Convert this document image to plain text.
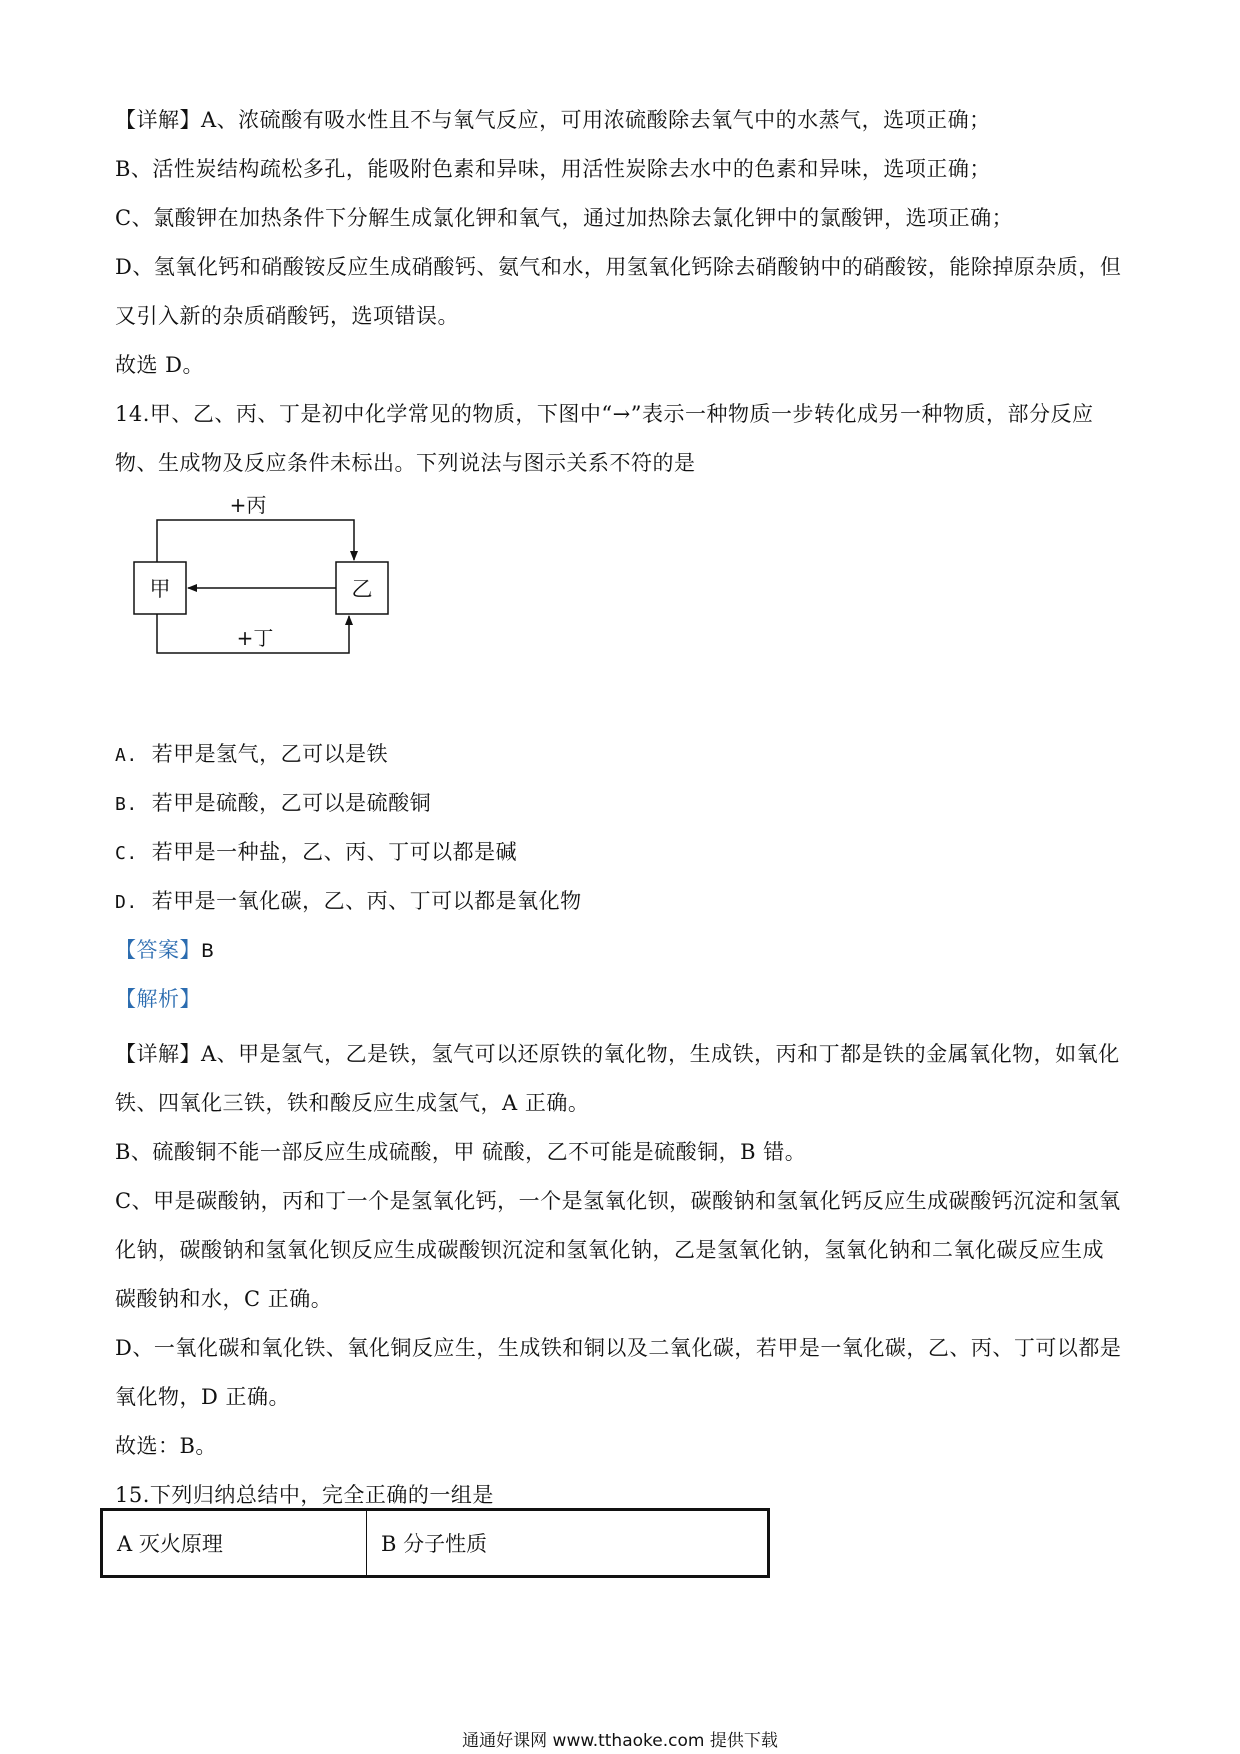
【详解】A、浓硫酸有吸水性且不与氧气反应，可用浓硫酸除去氧气中的水蒸气，选项正确；
B、活性炭结构疏松多孔，能吸附色素和异味，用活性炭除去水中的色素和异味，选项正确；
C、氯酸钾在加热条件下分解生成氯化钾和氧气，通过加热除去氯化钾中的氯酸钾，选项正确；
D、氢氧化钙和硝酸铵反应生成硝酸钙、氨气和水，用氢氧化钙除去硝酸钠中的硝酸铵，能除掉原杂质，但
又引入新的杂质硝酸钙，选项错误。
故选 D。
14.甲、乙、丙、丁是初中化学常见的物质，下图中“→”表示一种物质一步转化成另一种物质，部分反应
物、生成物及反应条件未标出。下列说法与图示关系不符的是
甲	乙
+丙
+丁
A. 若甲是氢气，乙可以是铁
B. 若甲是硫酸，乙可以是硫酸铜
C. 若甲是一种盐，乙、丙、丁可以都是碱
D. 若甲是一氧化碳，乙、丙、丁可以都是氧化物
【答案】B
【解析】
【详解】A、甲是氢气，乙是铁，氢气可以还原铁的氧化物，生成铁，丙和丁都是铁的金属氧化物，如氧化
铁、四氧化三铁，铁和酸反应生成氢气，A 正确。
B、硫酸铜不能一部反应生成硫酸，甲 硫酸，乙不可能是硫酸铜，B 错。
C、甲是碳酸钠，丙和丁一个是氢氧化钙，一个是氢氧化钡，碳酸钠和氢氧化钙反应生成碳酸钙沉淀和氢氧
化钠，碳酸钠和氢氧化钡反应生成碳酸钡沉淀和氢氧化钠，乙是氢氧化钠，氢氧化钠和二氧化碳反应生成
碳酸钠和水，C 正确。
D、一氧化碳和氧化铁、氧化铜反应生，生成铁和铜以及二氧化碳，若甲是一氧化碳，乙、丙、丁可以都是
氧化物，D 正确。
故选：B。
15.下列归纳总结中，完全正确的一组是
A 灭火原理	B 分子性质
通通好课网 www.tthaoke.com 提供下载
